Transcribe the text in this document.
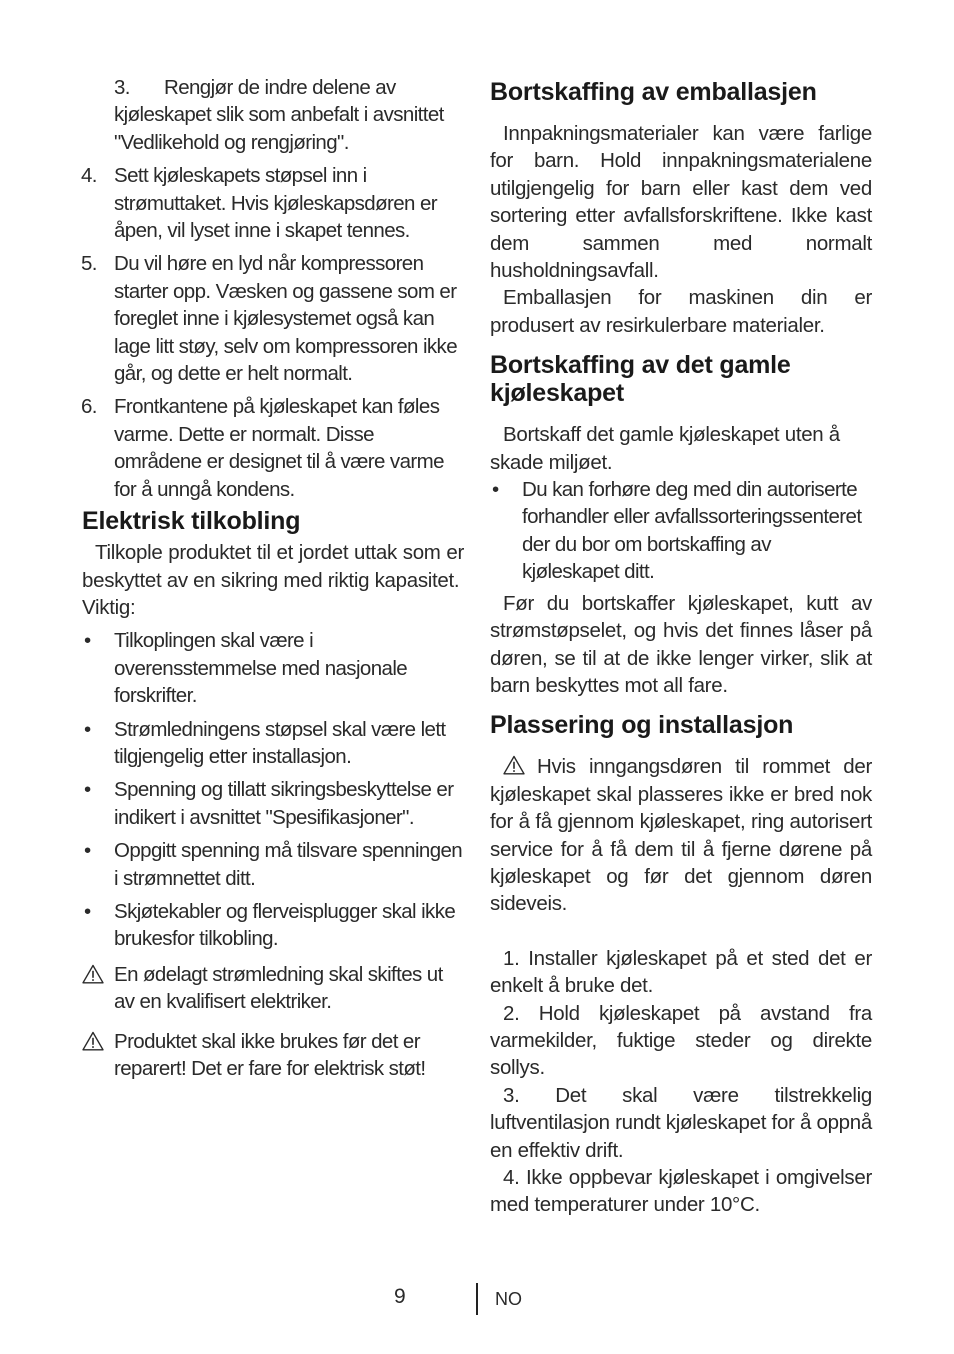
3.	Rengjør de indre delene av kjøleskapet slik som anbefalt i avsnittet "Vedlikehold og rengjøring".
4. Sett kjøleskapets støpsel inn i strømuttaket. Hvis kjøleskapsdøren er åpen, vil lyset inne i skapet tennes.
5. Du vil høre en lyd når kompressoren starter opp. Væsken og gassene som er foreglet inne i kjølesystemet også kan lage litt støy, selv om kompressoren ikke går, og dette er helt normalt.
6. Frontkantene på kjøleskapet kan føles varme. Dette er normalt. Disse områdene er designet til å være varme for å unngå kondens.
Elektrisk tilkobling

Tilkople produktet til et jordet uttak som er beskyttet av en sikring med riktig kapasitet.

Viktig:

• Tilkoplingen skal være i overensstemmelse med nasjonale forskrifter.
• Strømledningens støpsel skal være lett tilgjengelig etter installasjon.
• Spenning og tillatt sikringsbeskyttelse er indikert i avsnittet "Spesifikasjoner".
• Oppgitt spenning må tilsvare spenningen i strømnettet ditt.
• Skjøtekabler og flerveisplugger skal ikke brukesfor tilkobling.
En ødelagt strømledning skal skiftes ut av en kvalifisert elektriker.
Produktet skal ikke brukes før det er reparert! Det er fare for elektrisk støt!
Bortskaffing av emballasjen

Innpakningsmaterialer kan være farlige for barn. Hold innpakningsmaterialene utilgjengelig for barn eller kast dem ved sortering etter avfallsforskriftene. Ikke kast dem sammen med normalt husholdningsavfall.

Emballasjen for maskinen din er produsert av resirkulerbare materialer.

Bortskaffing av det gamle kjøleskapet

Bortskaff det gamle kjøleskapet uten å skade miljøet.

• Du kan forhøre deg med din autoriserte forhandler eller avfallssorteringssenteret der du bor om bortskaffing av kjøleskapet ditt.

Før du bortskaffer kjøleskapet, kutt av strømstøpselet, og hvis det finnes låser på døren, se til at de ikke lenger virker, slik at barn beskyttes mot all fare.

Plassering og installasjon

Hvis inngangsdøren til rommet der kjøleskapet skal plasseres ikke er bred nok for å få gjennom kjøleskapet, ring autorisert service for å få dem til å fjerne dørene på kjøleskapet og før det gjennom døren sideveis.

1. Installer kjøleskapet på et sted det er enkelt å bruke det.

2. Hold kjøleskapet på avstand fra varmekilder, fuktige steder og direkte sollys.

3. Det skal være tilstrekkelig luftventilasjon rundt kjøleskapet for å oppnå en effektiv drift.

4. Ikke oppbevar kjøleskapet i omgivelser med temperaturer under 10°C.

9	NO
